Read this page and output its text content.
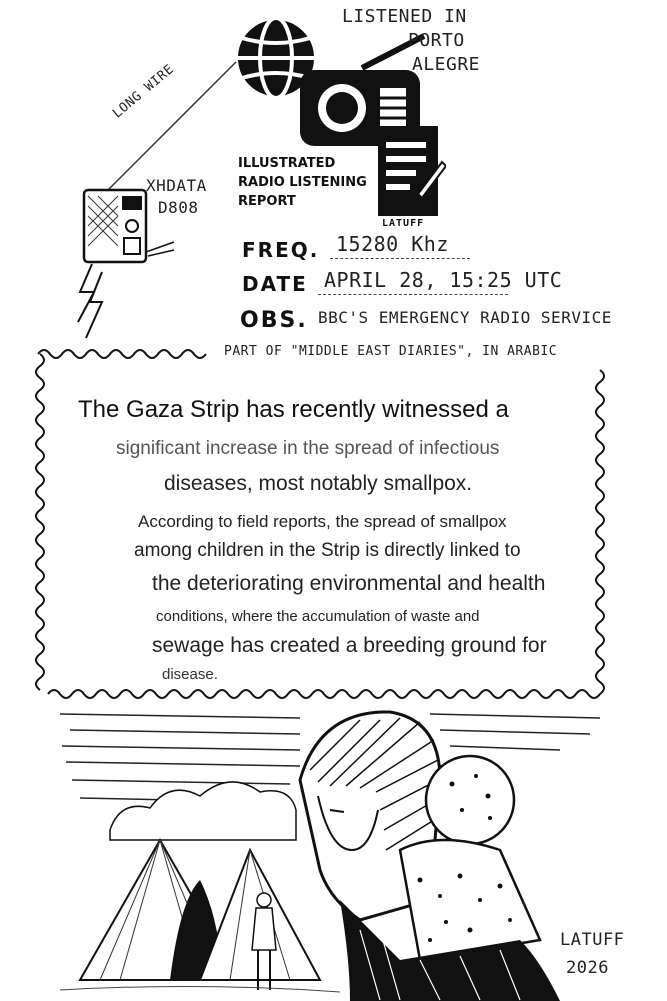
LISTENED IN
PORTO
ALEGRE
ILLUSTRATED
RADIO LISTENING
REPORT
LATUFF
LONG WIRE
XHDATA
D808
FREQ. 15280 Khz
DATE APRIL 28, 15:25 UTC
OBS. BBC'S EMERGENCY RADIO SERVICE
PART OF "MIDDLE EAST DIARIES", IN ARABIC
The Gaza Strip has recently witnessed a
significant increase in the spread of infectious
diseases, most notably smallpox.
According to field reports, the spread of smallpox
among children in the Strip is directly linked to
the deteriorating environmental and health
conditions, where the accumulation of waste and
sewage has created a breeding ground for
disease.
LATUFF
2026
